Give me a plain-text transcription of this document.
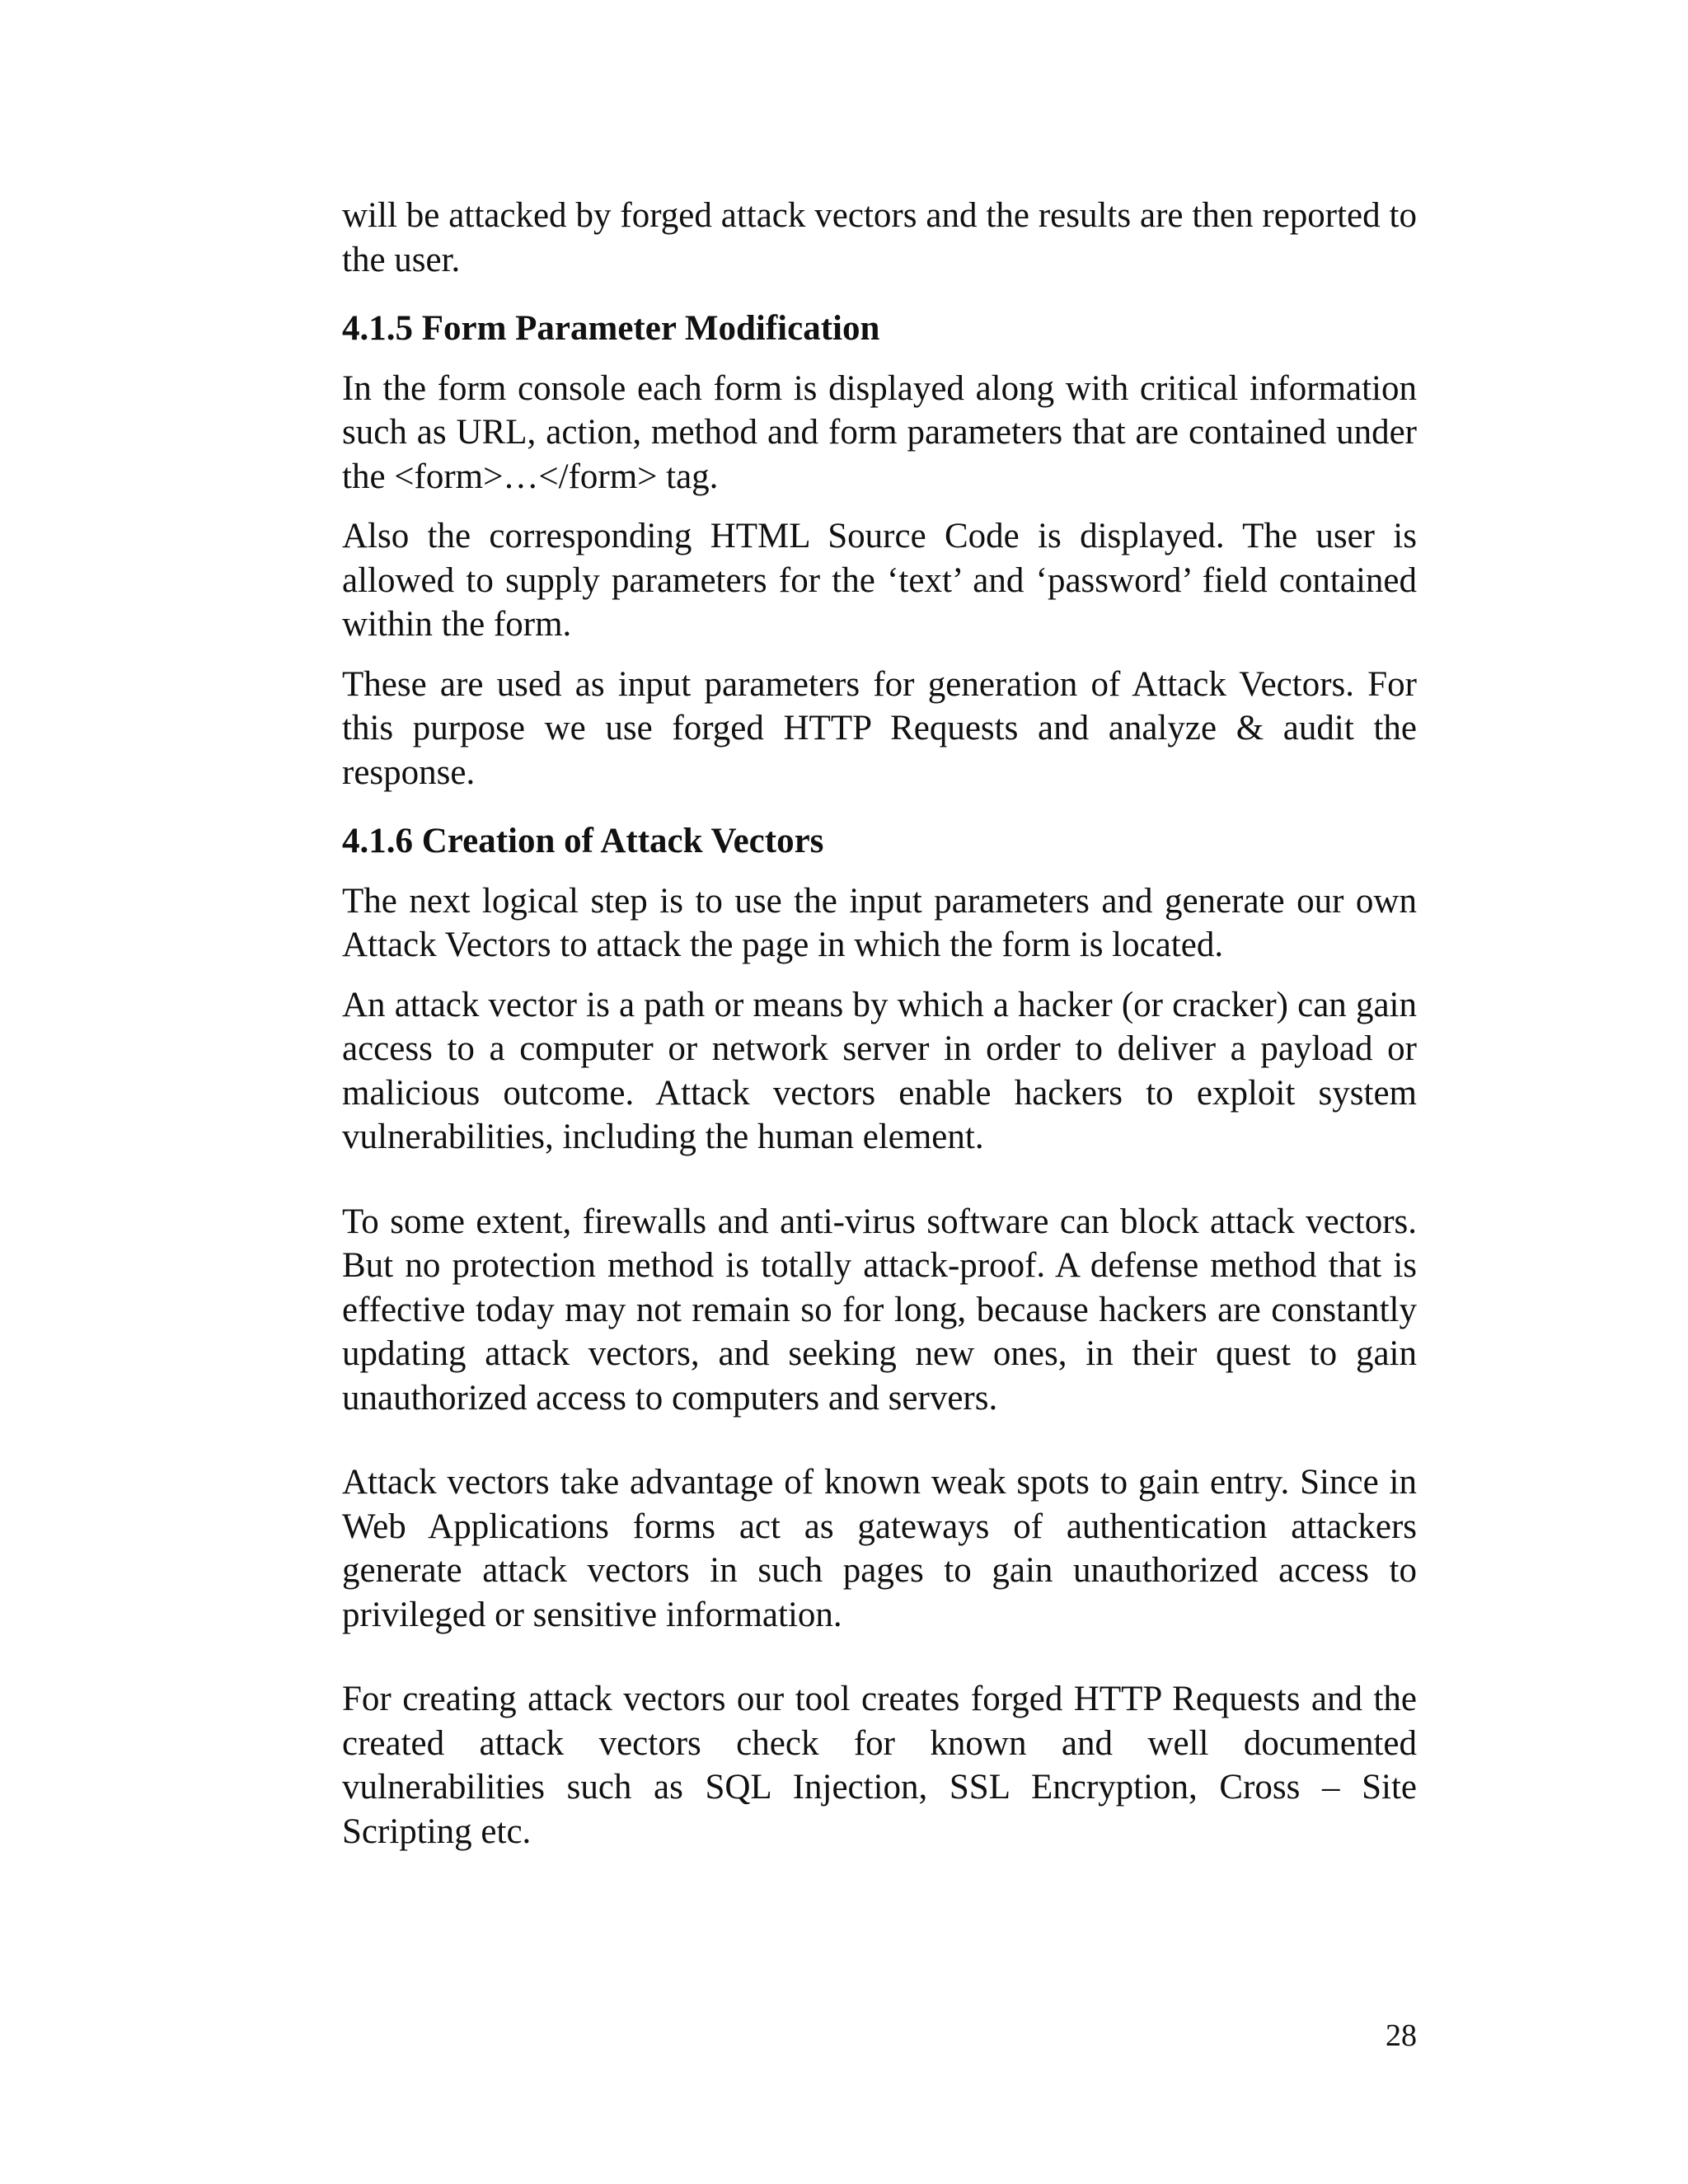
will be attacked by forged attack vectors and the results are then reported to the user.

4.1.5 Form Parameter Modification

In the form console each form is displayed along with critical information such as URL, action, method and form parameters that are contained under the <form>…</form> tag.

Also the corresponding HTML Source Code is displayed. The user is allowed to supply parameters for the ‘text’ and ‘password’ field contained within the form.

These are used as input parameters for generation of Attack Vectors. For this purpose we use forged HTTP Requests and analyze & audit the response.

4.1.6 Creation of Attack Vectors

The next logical step is to use the input parameters and generate our own Attack Vectors to attack the page in which the form is located.

An attack vector is a path or means by which a hacker (or cracker) can gain access to a computer or network server in order to deliver a payload or malicious outcome. Attack vectors enable hackers to exploit system vulnerabilities, including the human element.

To some extent, firewalls and anti-virus software can block attack vectors. But no protection method is totally attack-proof. A defense method that is effective today may not remain so for long, because hackers are constantly updating attack vectors, and seeking new ones, in their quest to gain unauthorized access to computers and servers.

Attack vectors take advantage of known weak spots to gain entry. Since in Web Applications forms act as gateways of authentication attackers generate attack vectors in such pages to gain unauthorized access to privileged or sensitive information.

For creating attack vectors our tool creates forged HTTP Requests and the created attack vectors check for known and well documented vulnerabilities such as SQL Injection, SSL Encryption, Cross – Site Scripting etc.

28
